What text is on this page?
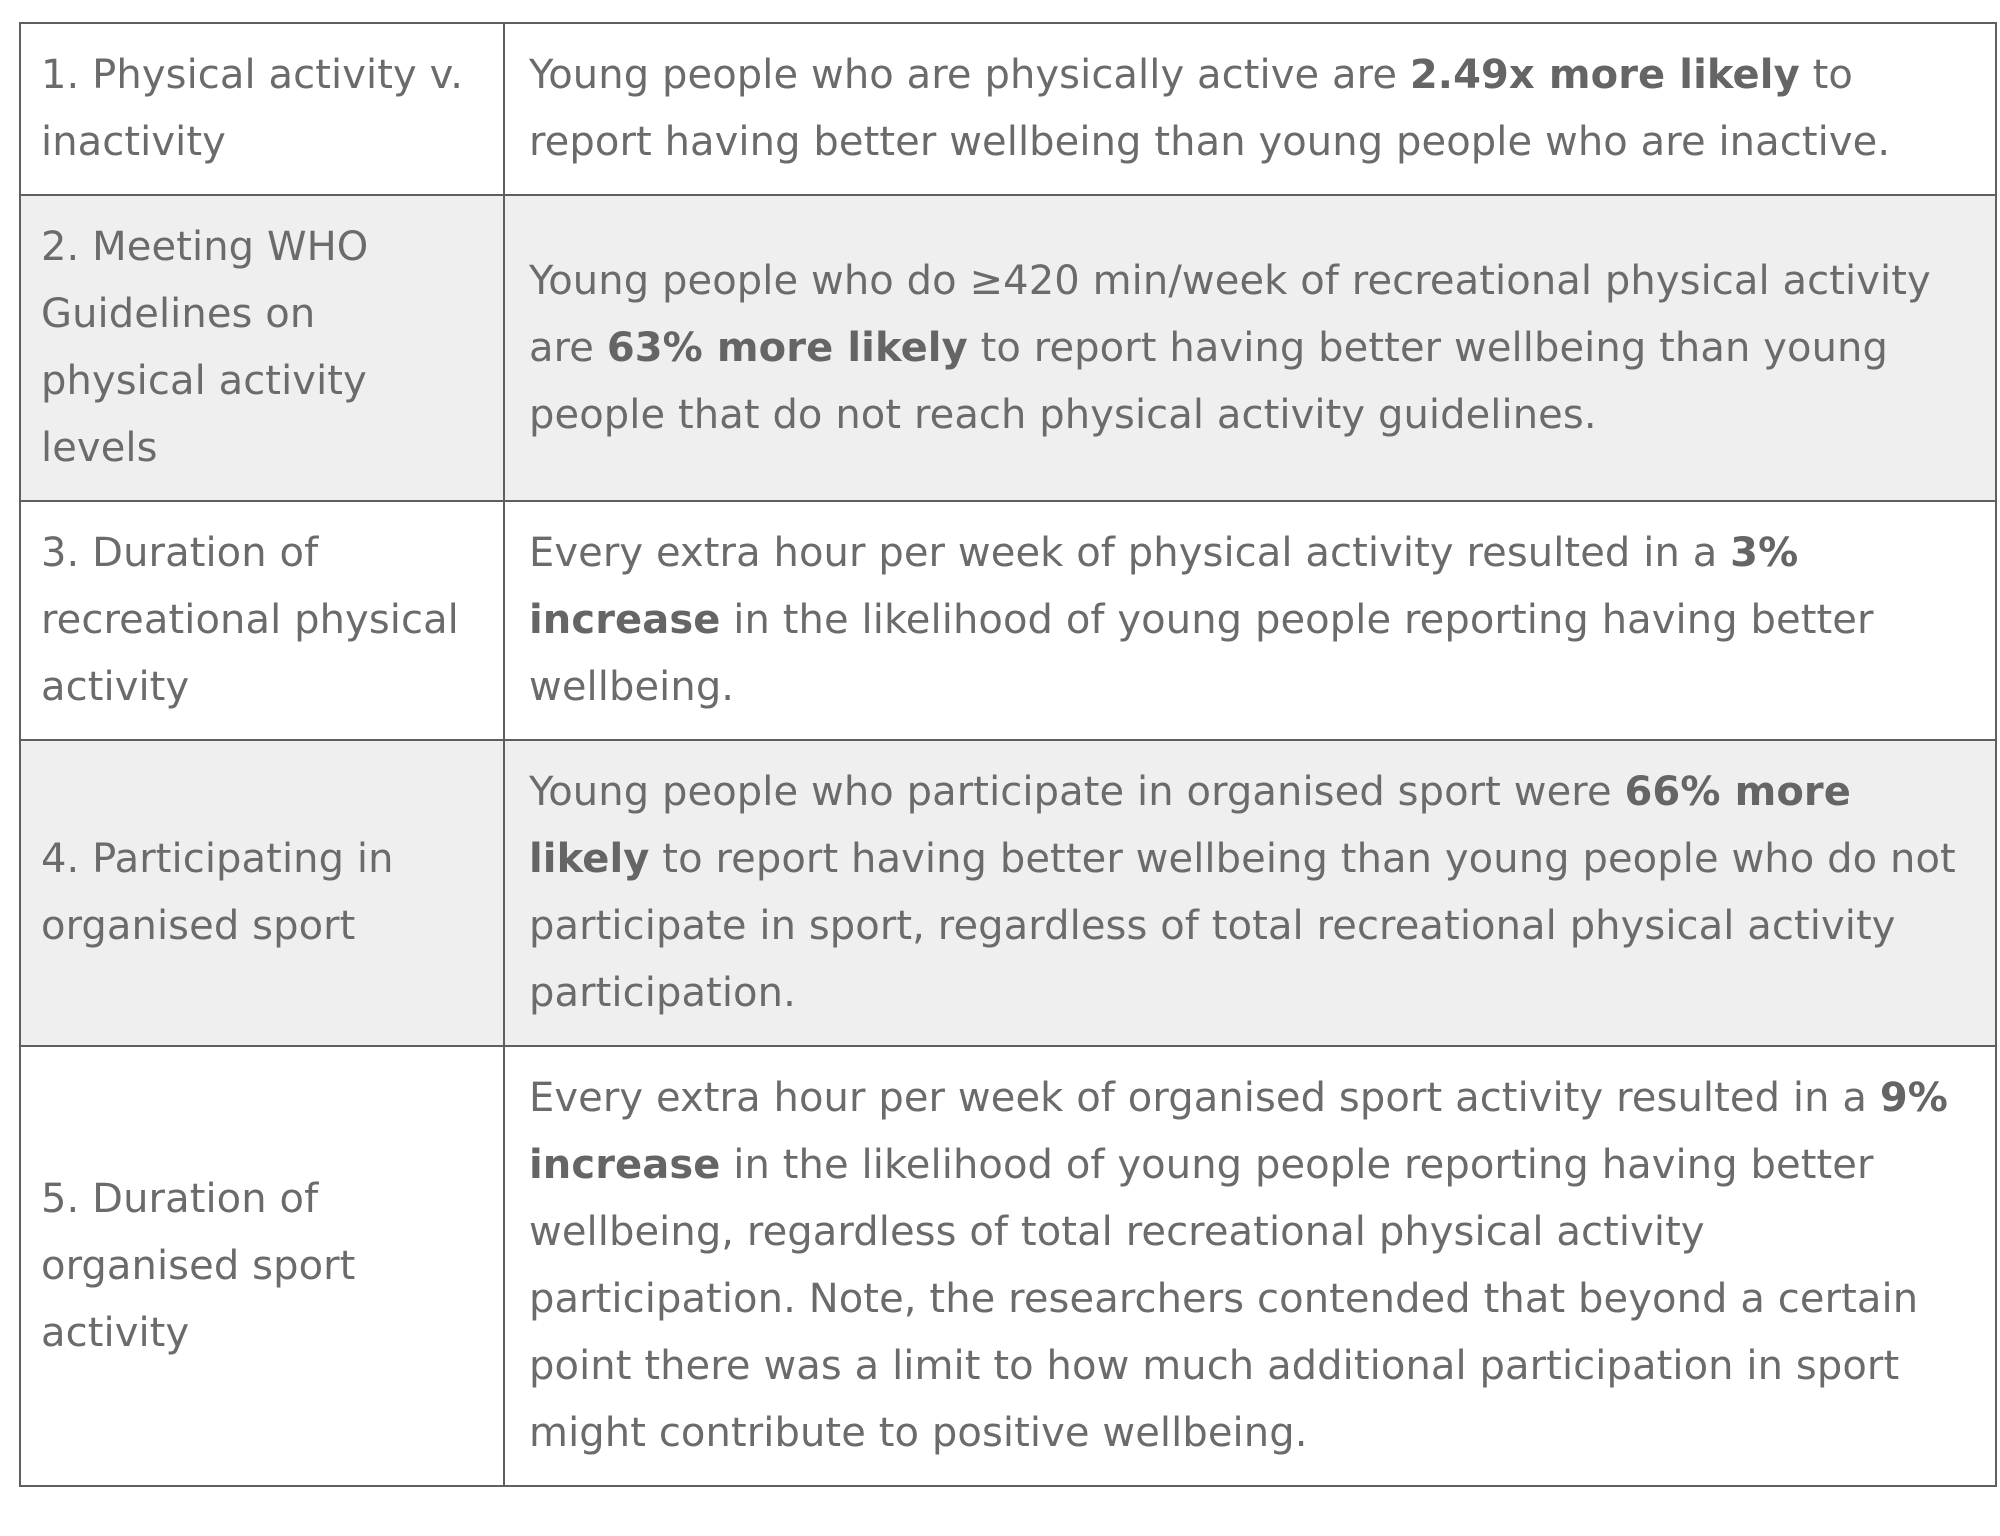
1. Physical activity v. inactivity	Young people who are physically active are 2.49x more likely to report having better wellbeing than young people who are inactive.
2. Meeting WHO Guidelines on physical activity levels	Young people who do ≥420 min/week of recreational physical activity are 63% more likely to report having better wellbeing than young people that do not reach physical activity guidelines.
3. Duration of recreational physical activity	Every extra hour per week of physical activity resulted in a 3% increase in the likelihood of young people reporting having better wellbeing.
4. Participating in organised sport	Young people who participate in organised sport were 66% more likely to report having better wellbeing than young people who do not participate in sport, regardless of total recreational physical activity participation.
5. Duration of organised sport activity	Every extra hour per week of organised sport activity resulted in a 9% increase in the likelihood of young people reporting having better wellbeing, regardless of total recreational physical activity participation. Note, the researchers contended that beyond a certain point there was a limit to how much additional participation in sport might contribute to positive wellbeing.
